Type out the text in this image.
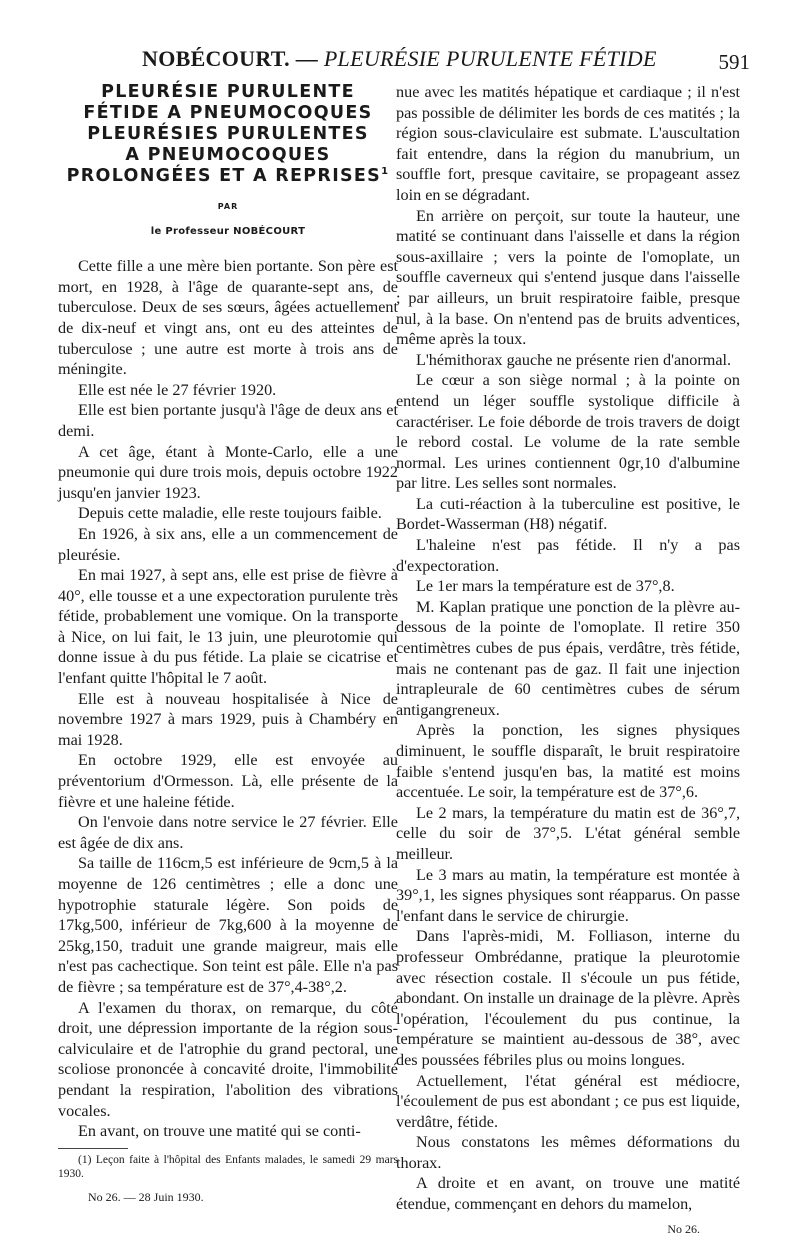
NOBÉCOURT. — PLEURÉSIE PURULENTE FÉTIDE	591
PLEURÉSIE PURULENTE
FÉTIDE A PNEUMOCOQUES
PLEURÉSIES PURULENTES
A PNEUMOCOQUES
PROLONGÉES ET A REPRISES$^1$
PAR
le Professeur NOBÉCOURT

Cette fille a une mère bien portante. Son père est mort, en 1928, à l'âge de quarante-sept ans, de tuberculose. Deux de ses sœurs, âgées actuellement de dix-neuf et vingt ans, ont eu des atteintes de tuberculose ; une autre est morte à trois ans de méningite.

Elle est née le 27 février 1920.

Elle est bien portante jusqu'à l'âge de deux ans et demi.

A cet âge, étant à Monte-Carlo, elle a une pneumonie qui dure trois mois, depuis octobre 1922 jusqu'en janvier 1923.

Depuis cette maladie, elle reste toujours faible.

En 1926, à six ans, elle a un commencement de pleurésie.

En mai 1927, à sept ans, elle est prise de fièvre à 40°, elle tousse et a une expectoration purulente très fétide, probablement une vomique. On la transporte à Nice, on lui fait, le 13 juin, une pleurotomie qui donne issue à du pus fétide. La plaie se cicatrise et l'enfant quitte l'hôpital le 7 août.

Elle est à nouveau hospitalisée à Nice de novembre 1927 à mars 1929, puis à Chambéry en mai 1928.

En octobre 1929, elle est envoyée au préventorium d'Ormesson. Là, elle présente de la fièvre et une haleine fétide.

On l'envoie dans notre service le 27 février. Elle est âgée de dix ans.

Sa taille de 116cm,5 est inférieure de 9cm,5 à la moyenne de 126 centimètres ; elle a donc une hypotrophie staturale légère. Son poids de 17kg,500, inférieur de 7kg,600 à la moyenne de 25kg,150, traduit une grande maigreur, mais elle n'est pas cachectique. Son teint est pâle. Elle n'a pas de fièvre ; sa température est de 37°,4-38°,2.

A l'examen du thorax, on remarque, du côté droit, une dépression importante de la région sous-calviculaire et de l'atrophie du grand pectoral, une scoliose prononcée à concavité droite, l'immobilité pendant la respiration, l'abolition des vibrations vocales.

En avant, on trouve une matité qui se conti-

(1) Leçon faite à l'hôpital des Enfants malades, le samedi 29 mars 1930.

No 26. — 28 Juin 1930.

nue avec les matités hépatique et cardiaque ; il n'est pas possible de délimiter les bords de ces matités ; la région sous-claviculaire est submate. L'auscultation fait entendre, dans la région du manubrium, un souffle fort, presque cavitaire, se propageant assez loin en se dégradant.

En arrière on perçoit, sur toute la hauteur, une matité se continuant dans l'aisselle et dans la région sous-axillaire ; vers la pointe de l'omoplate, un souffle caverneux qui s'entend jusque dans l'aisselle ; par ailleurs, un bruit respiratoire faible, presque nul, à la base. On n'entend pas de bruits adventices, même après la toux.

L'hémithorax gauche ne présente rien d'anormal.

Le cœur a son siège normal ; à la pointe on entend un léger souffle systolique difficile à caractériser. Le foie déborde de trois travers de doigt le rebord costal. Le volume de la rate semble normal. Les urines contiennent 0gr,10 d'albumine par litre. Les selles sont normales.

La cuti-réaction à la tuberculine est positive, le Bordet-Wasserman (H8) négatif.

L'haleine n'est pas fétide. Il n'y a pas d'expectoration.

Le 1er mars la température est de 37°,8.

M. Kaplan pratique une ponction de la plèvre au-dessous de la pointe de l'omoplate. Il retire 350 centimètres cubes de pus épais, verdâtre, très fétide, mais ne contenant pas de gaz. Il fait une injection intrapleurale de 60 centimètres cubes de sérum antigangreneux.

Après la ponction, les signes physiques diminuent, le souffle disparaît, le bruit respiratoire faible s'entend jusqu'en bas, la matité est moins accentuée. Le soir, la température est de 37°,6.

Le 2 mars, la température du matin est de 36°,7, celle du soir de 37°,5. L'état général semble meilleur.

Le 3 mars au matin, la température est montée à 39°,1, les signes physiques sont réapparus. On passe l'enfant dans le service de chirurgie.

Dans l'après-midi, M. Folliason, interne du professeur Ombrédanne, pratique la pleurotomie avec résection costale. Il s'écoule un pus fétide, abondant. On installe un drainage de la plèvre. Après l'opération, l'écoulement du pus continue, la température se maintient au-dessous de 38°, avec des poussées fébriles plus ou moins longues.

Actuellement, l'état général est médiocre, l'écoulement de pus est abondant ; ce pus est liquide, verdâtre, fétide.

Nous constatons les mêmes déformations du thorax.

A droite et en avant, on trouve une matité étendue, commençant en dehors du mamelon,

No 26.
